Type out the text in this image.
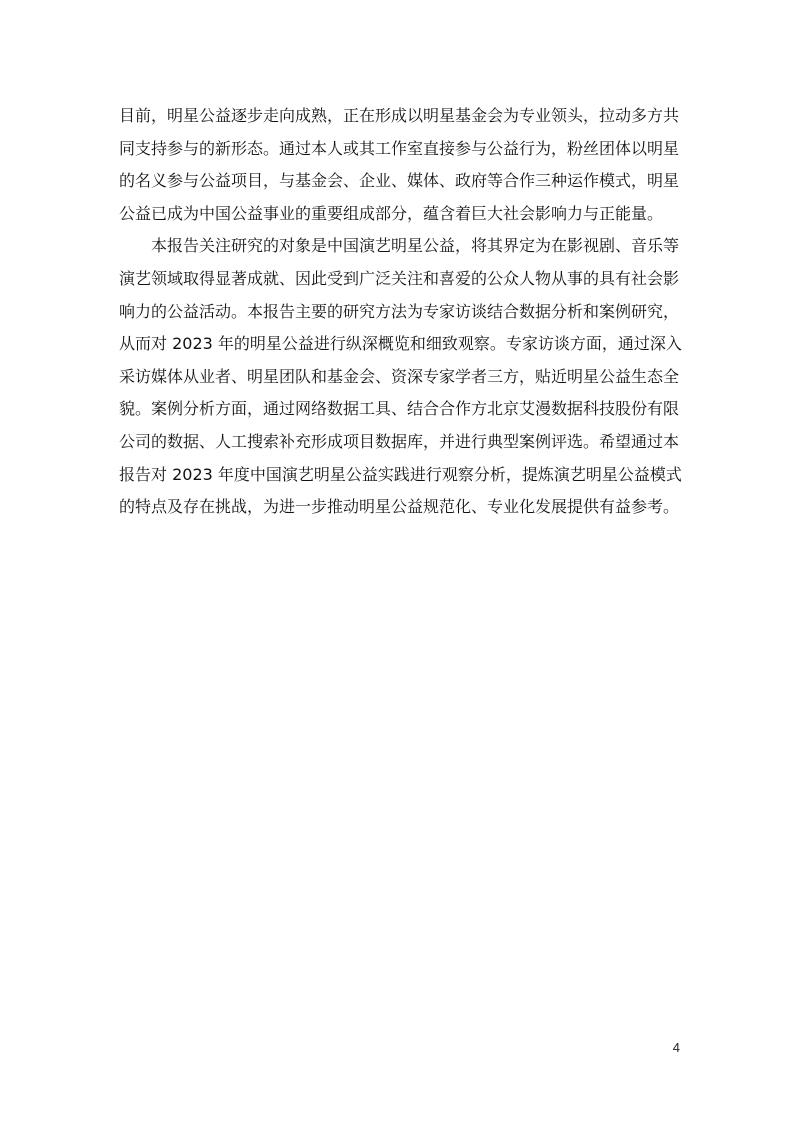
目前，明星公益逐步走向成熟，正在形成以明星基金会为专业领头，拉动多方共
同支持参与的新形态。通过本人或其工作室直接参与公益行为，粉丝团体以明星
的名义参与公益项目，与基金会、企业、媒体、政府等合作三种运作模式，明星
公益已成为中国公益事业的重要组成部分，蕴含着巨大社会影响力与正能量。
本报告关注研究的对象是中国演艺明星公益，将其界定为在影视剧、音乐等
演艺领域取得显著成就、因此受到广泛关注和喜爱的公众人物从事的具有社会影
响力的公益活动。本报告主要的研究方法为专家访谈结合数据分析和案例研究，
从而对 2023 年的明星公益进行纵深概览和细致观察。专家访谈方面，通过深入
采访媒体从业者、明星团队和基金会、资深专家学者三方，贴近明星公益生态全
貌。案例分析方面，通过网络数据工具、结合合作方北京艾漫数据科技股份有限
公司的数据、人工搜索补充形成项目数据库，并进行典型案例评选。希望通过本
报告对 2023 年度中国演艺明星公益实践进行观察分析，提炼演艺明星公益模式
的特点及存在挑战，为进一步推动明星公益规范化、专业化发展提供有益参考。
4
